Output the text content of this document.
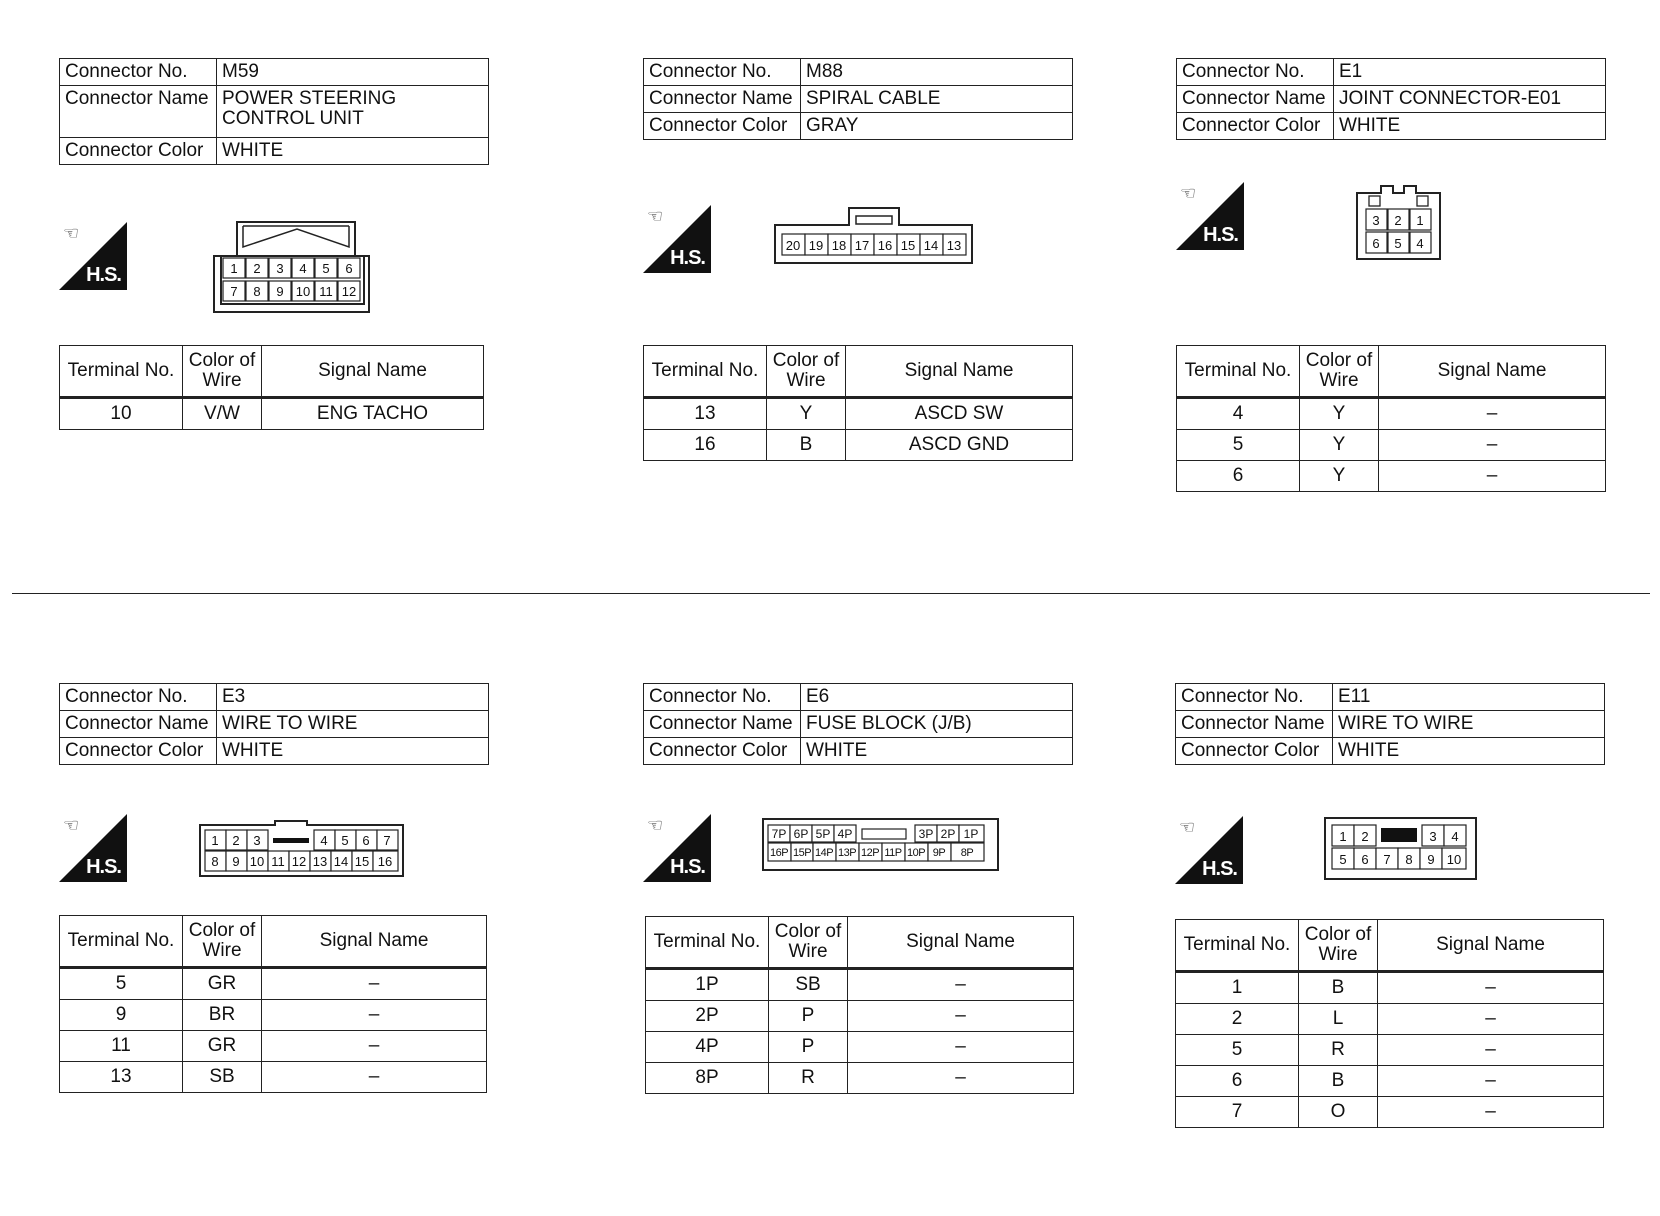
Connector No.	M59
Connector Name	POWER STEERING CONTROL UNIT
Connector Color	WHITE
☜
H.S.	1 2 3 4 5 6
7 8 9 10 11 12
Terminal No.	Color of Wire	Signal Name
10	V/W	ENG TACHO
Connector No.	M88
Connector Name	SPIRAL CABLE
Connector Color	GRAY
☜
H.S.
20 19 18 17 16 15 14 13
Terminal No.	Color of Wire	Signal Name
13	Y	ASCD SW
16	B	ASCD GND
Connector No.	E1
Connector Name	JOINT CONNECTOR-E01
Connector Color	WHITE
☜
H.S.
3 2 1
6 5 4
Terminal No.	Color of Wire	Signal Name
4	Y	–
5	Y	–
6	Y	–
Connector No.	E3
Connector Name	WIRE TO WIRE
Connector Color	WHITE
☜
H.S.
1 2 3	4 5 6 7
8 9 10 11 12 13 14 15 16
Terminal No.	Color of Wire	Signal Name
5	GR	–
9	BR	–
11	GR	–
13	SB	–
Connector No.	E6
Connector Name	FUSE BLOCK (J/B)
Connector Color	WHITE
☜
H.S.
7P 6P 5P 4P	3P 2P 1P
16P 15P 14P 13P 12P 11P 10P 9P 8P
Terminal No.	Color of Wire	Signal Name
1P	SB	–
2P	P	–
4P	P	–
8P	R	–
Connector No.	E11
Connector Name	WIRE TO WIRE
Connector Color	WHITE
☜
H.S.
1 2	3 4
5 6 7 8 9 10
Terminal No.	Color of Wire	Signal Name
1	B	–
2	L	–
5	R	–
6	B	–
7	O	–
